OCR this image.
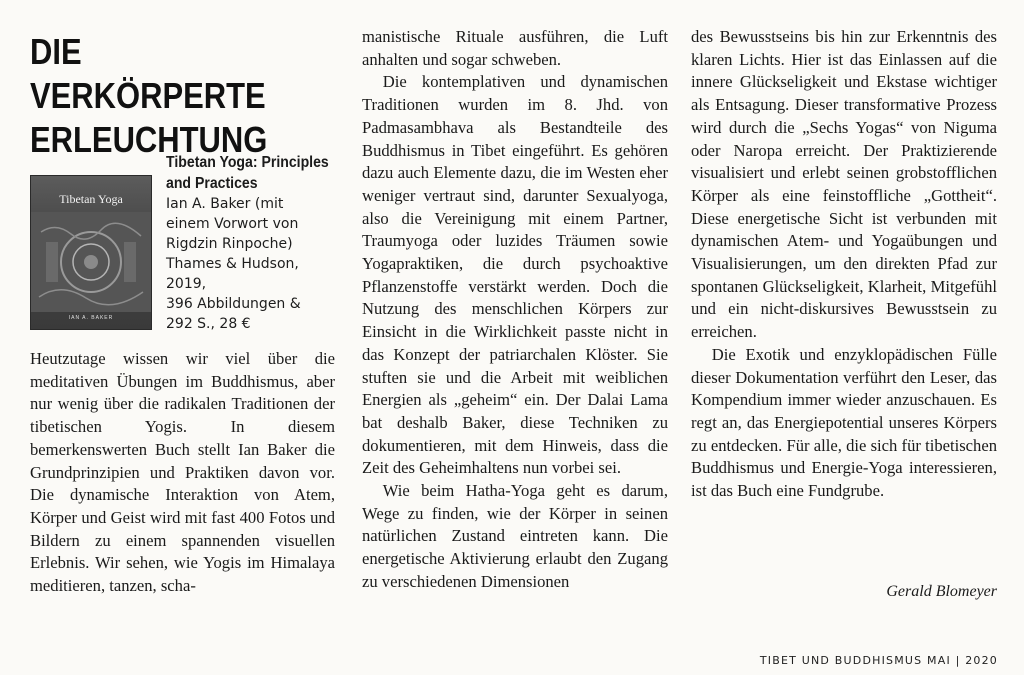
DIE VERKÖRPERTE
ERLEUCHTUNG
Tibetan Yoga
IAN A. BAKER
Tibetan Yoga: Principles and Practices
Ian A. Baker (mit
einem Vorwort von
Rigdzin Rinpoche)
Thames & Hudson,
2019,
396 Abbildungen &
292 S., 28 €

Heutzutage wissen wir viel über die meditativen Übungen im Buddhismus, aber nur wenig über die radikalen Traditionen der tibetischen Yogis. In diesem bemerkenswerten Buch stellt Ian Baker die Grundprinzipien und Praktiken davon vor. Die dynamische Interaktion von Atem, Körper und Geist wird mit fast 400 Fotos und Bildern zu einem spannenden visuellen Erlebnis. Wir sehen, wie Yogis im Himalaya meditieren, tanzen, scha-

manistische Rituale ausführen, die Luft anhalten und sogar schweben.

Die kontemplativen und dynamischen Traditionen wurden im 8. Jhd. von Padmasambhava als Bestandteile des Buddhismus in Tibet eingeführt. Es gehören dazu auch Elemente dazu, die im Westen eher weniger vertraut sind, darunter Sexualyoga, also die Vereinigung mit einem Partner, Traumyoga oder luzides Träumen sowie Yogapraktiken, die durch psychoaktive Pflanzenstoffe verstärkt werden. Doch die Nutzung des menschlichen Körpers zur Einsicht in die Wirklichkeit passte nicht in das Konzept der patriarchalen Klöster. Sie stuften sie und die Arbeit mit weiblichen Energien als „geheim“ ein. Der Dalai Lama bat deshalb Baker, diese Techniken zu dokumentieren, mit dem Hinweis, dass die Zeit des Geheimhaltens nun vorbei sei.

Wie beim Hatha-Yoga geht es darum, Wege zu finden, wie der Körper in seinen natürlichen Zustand eintreten kann. Die energetische Aktivierung erlaubt den Zugang zu verschiedenen Dimensionen

des Bewusstseins bis hin zur Erkenntnis des klaren Lichts. Hier ist das Einlassen auf die innere Glückseligkeit und Ekstase wichtiger als Entsagung. Dieser transformative Prozess wird durch die „Sechs Yogas“ von Niguma oder Naropa erreicht. Der Praktizierende visualisiert und erlebt seinen grobstofflichen Körper als eine feinstoffliche „Gottheit“. Diese energetische Sicht ist verbunden mit dynamischen Atem- und Yogaübungen und Visualisierungen, um den direkten Pfad zur spontanen Glückseligkeit, Klarheit, Mitgefühl und ein nicht-diskursives Bewusstsein zu erreichen.

Die Exotik und enzyklopädischen Fülle dieser Dokumentation verführt den Leser, das Kompendium immer wieder anzuschauen. Es regt an, das Energiepotential unseres Körpers zu entdecken. Für alle, die sich für tibetischen Buddhismus und Energie-Yoga interessieren, ist das Buch eine Fundgrube.

Gerald Blomeyer
TIBET UND BUDDHISMUS MAI | 2020
